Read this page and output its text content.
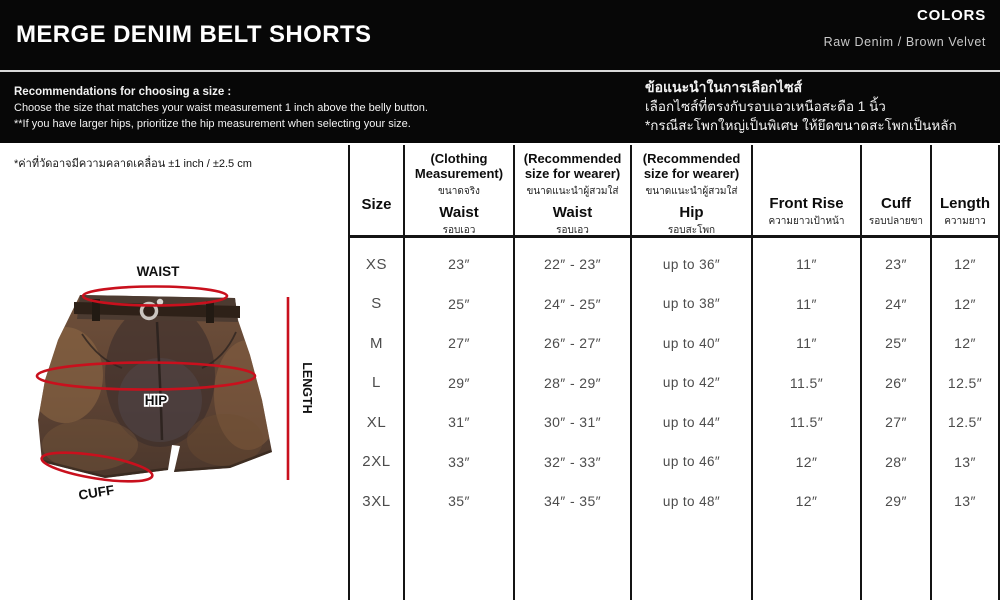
MERGE DENIM BELT SHORTS
COLORS
Raw Denim / Brown Velvet
Recommendations for choosing a size :
Choose the size that matches your waist measurement 1 inch above the belly button.
**If you have larger hips, prioritize the hip measurement when selecting your size.
ข้อแนะนำในการเลือกไซส์
เลือกไซส์ที่ตรงกับรอบเอวเหนือสะดือ 1 นิ้ว
*กรณีสะโพกใหญ่เป็นพิเศษ ให้ยึดขนาดสะโพกเป็นหลัก
*ค่าที่วัดอาจมีความคลาดเคลื่อน ±1 inch / ±2.5 cm
WAIST
HIP
CUFF
LENGTH
Size
(Clothing
Measurement)
ขนาดจริง
Waist
รอบเอว
(Recommended
size for wearer)
ขนาดแนะนำผู้สวมใส่
Waist
รอบเอว
(Recommended
size for wearer)
ขนาดแนะนำผู้สวมใส่
Hip
รอบสะโพก
Front Rise
ความยาวเป้าหน้า
Cuff
รอบปลายขา
Length
ความยาว
XS	23″	22″ - 23″	up to 36″	11″	23″	12″
S	25″	24″ - 25″	up to 38″	11″	24″	12″
M	27″	26″ - 27″	up to 40″	11″	25″	12″
L	29″	28″ - 29″	up to 42″	11.5″	26″	12.5″
XL	31″	30″ - 31″	up to 44″	11.5″	27″	12.5″
2XL	33″	32″ - 33″	up to 46″	12″	28″	13″
3XL	35″	34″ - 35″	up to 48″	12″	29″	13″
